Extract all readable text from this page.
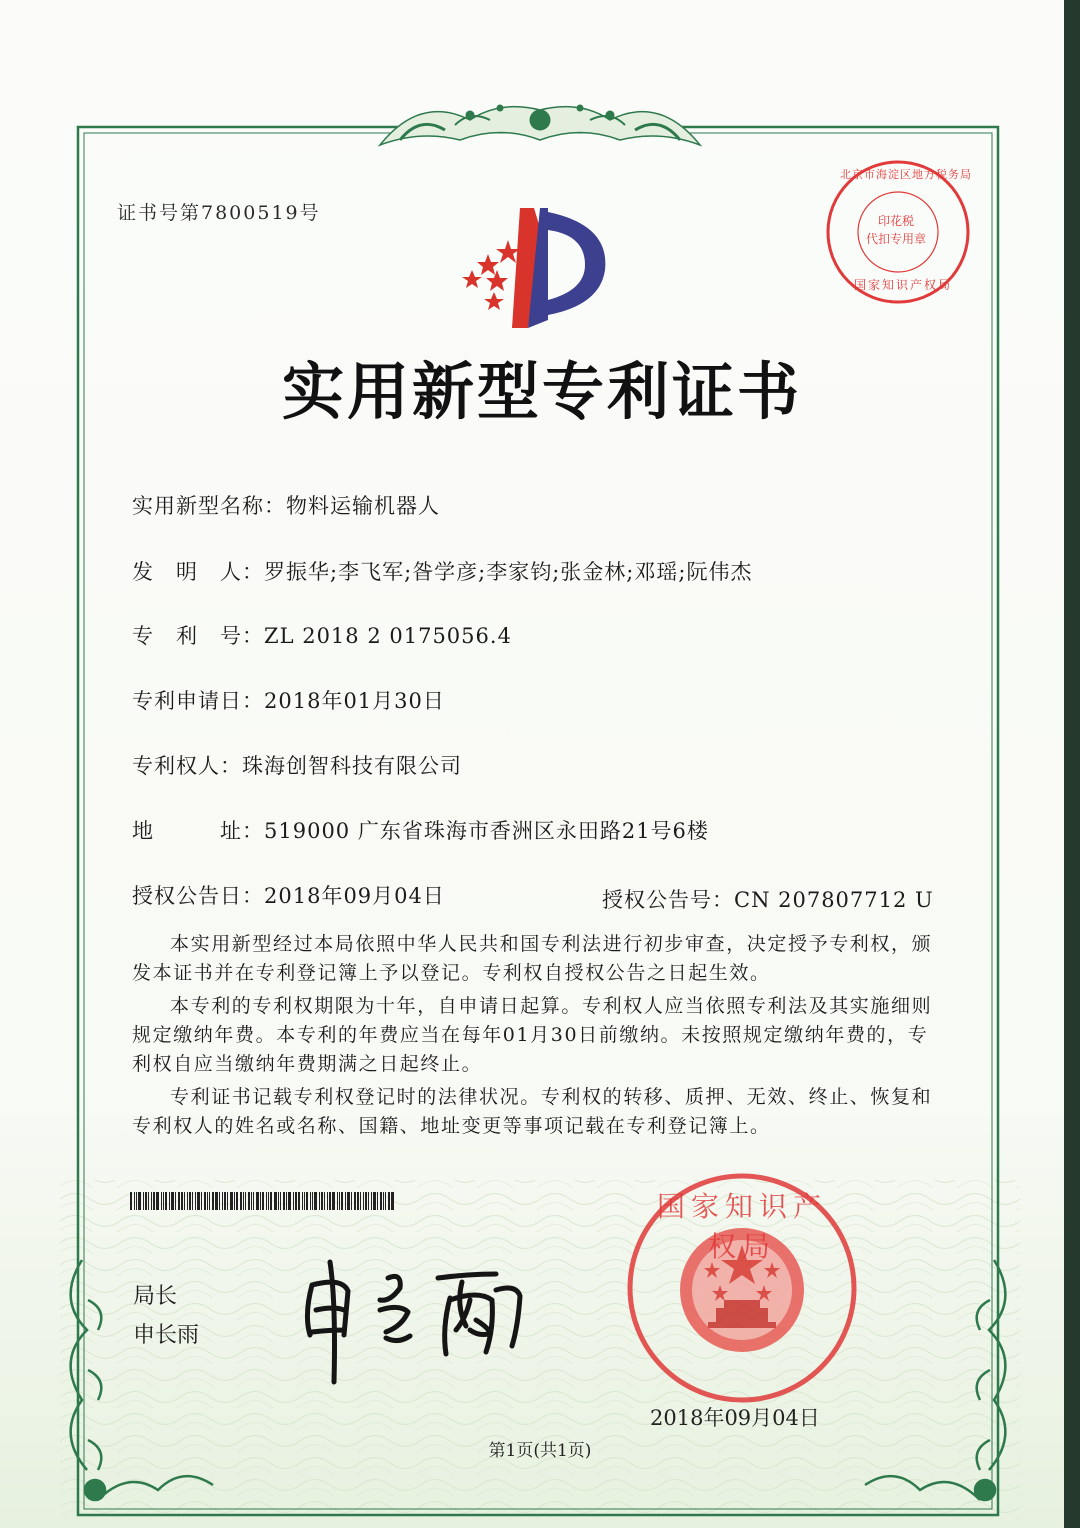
证书号第7800519号	印花税
代扣专用章
北京市海淀区地方税务局
国家知识产权局
实用新型专利证书
实用新型名称：物料运输机器人
发　明　人：罗振华;李飞军;昝学彦;李家钧;张金林;邓瑶;阮伟杰
专　利　号：ZL 2018 2 0175056.4
专利申请日：2018年01月30日
专利权人：珠海创智科技有限公司
地　　　址：519000 广东省珠海市香洲区永田路21号6楼
授权公告日：2018年09月04日	授权公告号：CN 207807712 U
本实用新型经过本局依照中华人民共和国专利法进行初步审查，决定授予专利权，颁发本证书并在专利登记簿上予以登记。专利权自授权公告之日起生效。
本专利的专利权期限为十年，自申请日起算。专利权人应当依照专利法及其实施细则规定缴纳年费。本专利的年费应当在每年01月30日前缴纳。未按照规定缴纳年费的，专利权自应当缴纳年费期满之日起终止。
专利证书记载专利权登记时的法律状况。专利权的转移、质押、无效、终止、恢复和专利权人的姓名或名称、国籍、地址变更等事项记载在专利登记簿上。
局长
申长雨
国家知识产权局
2018年09月04日
第1页(共1页)
